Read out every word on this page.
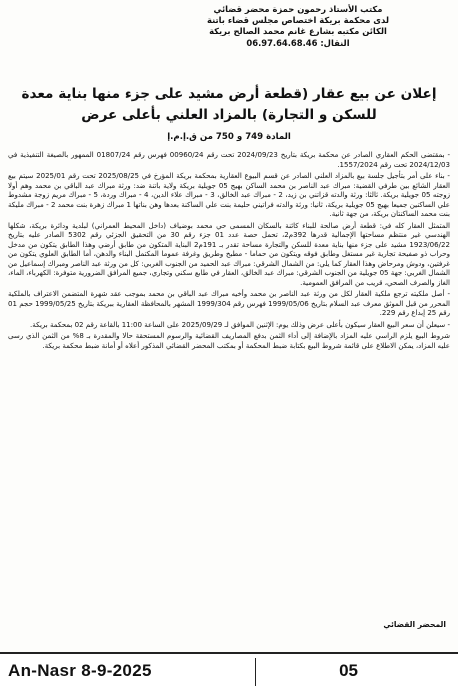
مكتب الأستاذ رحمون حمزة محضر قضائي
لدى محكمة بريكة اختصاص مجلس قضاء باتنة
الكائن مكتبه بشارع غانم محمد الصالح بريكة
النقال: 06.97.64.68.46
إعلان عن بيع عقار (قطعة أرض مشيد على جزء منها بناية معدة للسكن و التجارة) بالمزاد العلني بأعلى عرض
المادة 749 و 750 من ق.إ.م.إ

- بمقتضى الحكم العقاري الصادر عن محكمة بريكة بتاريخ 2024/09/23 تحت رقم 00960/24 فهرس رقم 01807/24 الممهور بالصيغة التنفيذية في 2024/12/03 تحت رقم 1557/2024.

- بناء على أمر بتأجيل جلسة بيع بالمزاد العلني الصادر عن قسم البيوع العقارية بمحكمة بريكة المؤرخ في 2025/08/25 تحت رقم 2025/01 سيتم بيع العقار الشائع بين طرفي القضية: مبراك عبد الناصر بن محمد الساكن بهيج 05 جويلية بريكة ولاية باتنة ضد: ورثة مبراك عبد الباقي بن محمد وهم أولا زوجته 05 جويلية بريكة. ثالثا: ورثة والدته قزاتني بن زيد، 2 - مبراك عبد الخالق، 3 - مبراك علاء الدين، 4 - مبراك وردة، 5 - مبراك مريم زوجة مشدوط علي الساكنين جميعا بهيج 05 جويلية بريكة، ثانيا: ورثة والدته فراتيني حليمة بنت علي الساكنة بعدها وهن بناتها 1 مبراك زهرة بنت محمد 2 - مبراك مليكة بنت محمد الساكنتان بريكة، من جهة ثانية.

المتمثل العقار كله في: قطعة أرض صالحة للبناء كائنة بالسكان المسمى حي محمد بوضياف (داخل المحيط العمراني) لبلدية ودائرة بريكة، شكلها الهندسي غير منتظم مساحتها الإجمالية قدرها 392م2، تحمل حصة عدد 01 جزء رقم 30 من التحقيق الجزئي رقم 5302 الصادر عليه بتاريخ 1923/06/22 مشيد على جزء منها بناية معدة للسكن والتجارة مساحة تقدر بـ 191م2 البناية المتكون من طابق أرضي وهذا الطابق يتكون من مدخل وحراب ذو صفيحة تجارية غير مستغل وطابق فوقه ويتكون من حماما - مطبخ وطريق وغرفة عموما المكتمل البناء والدهن، أما الطابق العلوي يتكون من غرفتين، ودوش ومرحاض وهذا العقار كما يلي: من الشمال الشرقي: مبراك عبد الحميد من الجنوب الغربي: كل من ورثة عبد الناصر ومبراك إسماعيل من الشمال الغربي: جهة 05 جويلية من الجنوب الشرقي: مبراك عبد الخالق، العقار في طابع سكني وتجاري، جميع المرافق الضرورية متوفرة: الكهرباء، الماء، الغاز والصرف الصحي، قريب من المرافق العمومية.

- أصل ملكيته ترجع ملكية العقار لكل من ورثة عبد الناصر بن محمد وأخيه مبراك عبد الباقي بن محمد بموجب عقد شهرة المتضمن الاعتراف بالملكية المحرر من قبل الموثق معرف عبد السلام بتاريخ 1999/05/06 فهرس رقم 1999/304 المشهر بالمحافظة العقارية ببريكة بتاريخ 1999/05/25 حجم 01 رقم 25 إبداع رقم 229.

- سيعلن أن سعر البيع العقار سيكون بأعلى عرض وذلك يوم: الإثنين الموافق لـ 2025/09/29 على الساعة 11:00 بالقاعة رقم 02 بمحكمة بريكة.

شروط البيع يلزم الراسي عليه المزاد بالإضافة إلى أداء الثمن بدفع المصاريف القضائية والرسوم المستحقة حالا والمقدرة بـ 8% من الثمن الذي رسى عليه المزاد، يمكن الاطلاع على قائمة شروط البيع بكتابة ضبط المحكمة أو بمكتب المحضر القضائي المذكور أعلاه أو أمانة ضبط محكمة بريكة.

المحضر القضائي
An-Nasr 8-9-2025	05
